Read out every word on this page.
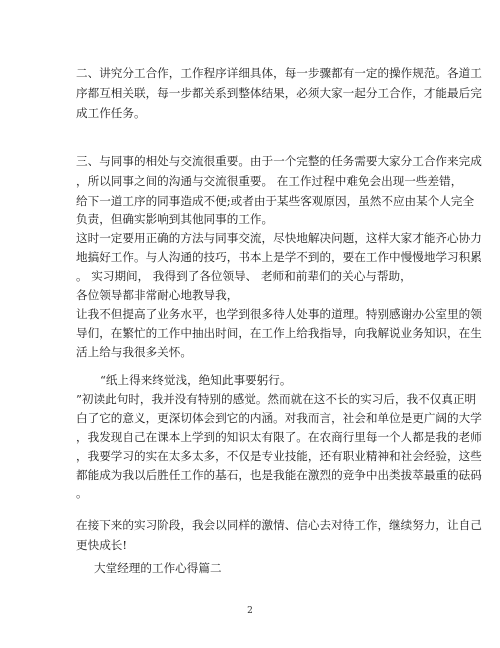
二、讲究分工合作，工作程序详细具体，每一步骤都有一定的操作规范。各道工
序都互相关联，每一步都关系到整体结果，必须大家一起分工合作，才能最后完
成工作任务。
三、与同事的相处与交流很重要。由于一个完整的任务需要大家分工合作来完成
，所以同事之间的沟通与交流很重要。 在工作过程中难免会出现一些差错，
给下一道工序的同事造成不便;或者由于某些客观原因，虽然不应由某个人完全
负责，但确实影响到其他同事的工作。
这时一定要用正确的方法与同事交流，尽快地解决问题，这样大家才能齐心协力
地搞好工作。与人沟通的技巧，书本上是学不到的，要在工作中慢慢地学习积累
。 实习期间， 我得到了各位领导、 老师和前辈们的关心与帮助，
各位领导都非常耐心地教导我，
让我不但提高了业务水平，也学到很多待人处事的道理。特别感谢办公室里的领
导们，在繁忙的工作中抽出时间，在工作上给我指导，向我解说业务知识，在生
活上给与我很多关怀。
“纸上得来终觉浅，绝知此事要躬行。
”初读此句时，我并没有特别的感觉。然而就在这不长的实习后，我不仅真正明
白了它的意义，更深切体会到它的内涵。对我而言，社会和单位是更广阔的大学
，我发现自己在课本上学到的知识太有限了。在农商行里每一个人都是我的老师
，我要学习的实在太多太多，不仅是专业技能，还有职业精神和社会经验，这些
都能成为我以后胜任工作的基石，也是我能在激烈的竞争中出类拔萃最重的砝码
。
在接下来的实习阶段，我会以同样的激情、信心去对待工作，继续努力，让自己
更快成长!
大堂经理的工作心得篇二
2
